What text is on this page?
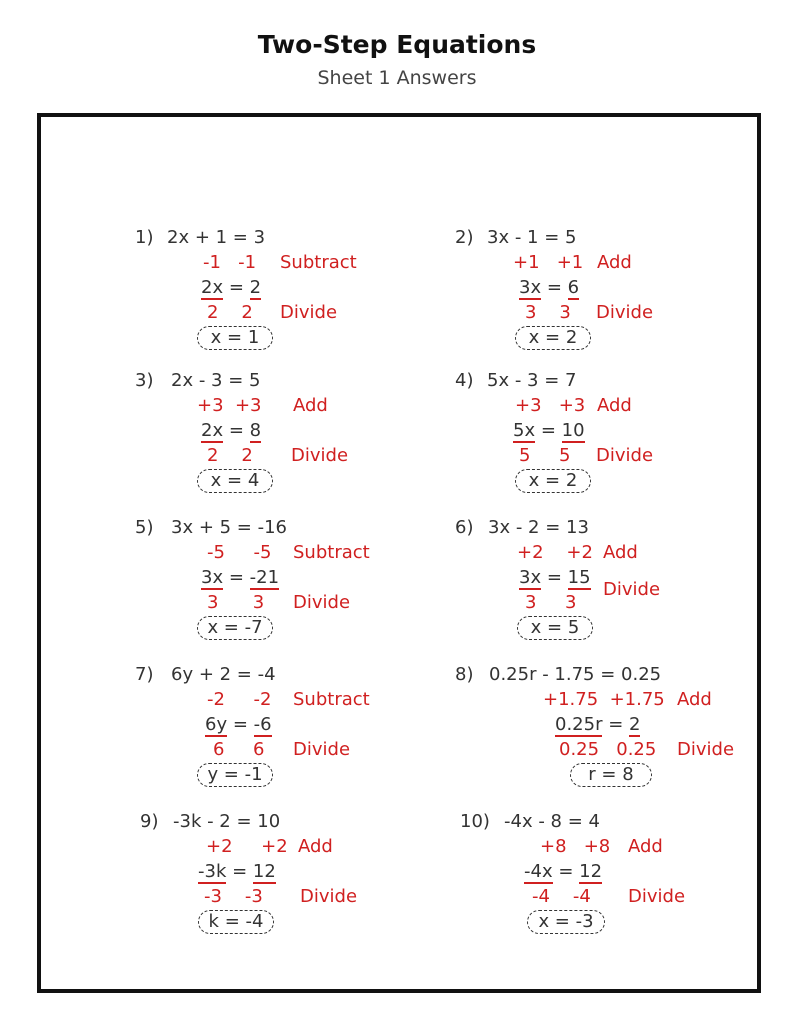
Two-Step Equations
Sheet 1 Answers
1) 2x + 1 = 3
-1   -1 Subtract
2x = 2
2    2 Divide
x = 1
2) 3x - 1 = 5
+1   +1 Add
3x = 6
3    3 Divide
x = 2
3) 2x - 3 = 5
+3  +3 Add
2x = 8
2    2 Divide
x = 4
4) 5x - 3 = 7
+3   +3 Add
5x = 10
5     5 Divide
x = 2
5) 3x + 5 = -16
-5     -5 Subtract
3x = -21
3      3 Divide
x = -7
6) 3x - 2 = 13
+2    +2 Add
3x = 15
3     3
Divide
x = 5
7) 6y + 2 = -4
-2     -2 Subtract
6y = -6
6     6 Divide
y = -1
8) 0.25r - 1.75 = 0.25
+1.75  +1.75 Add
0.25r = 2
0.25   0.25 Divide
r = 8
9) -3k - 2 = 10
+2     +2 Add
-3k = 12
-3    -3 Divide
k = -4
10) -4x - 8 = 4
+8   +8 Add
-4x = 12
-4    -4 Divide
x = -3
